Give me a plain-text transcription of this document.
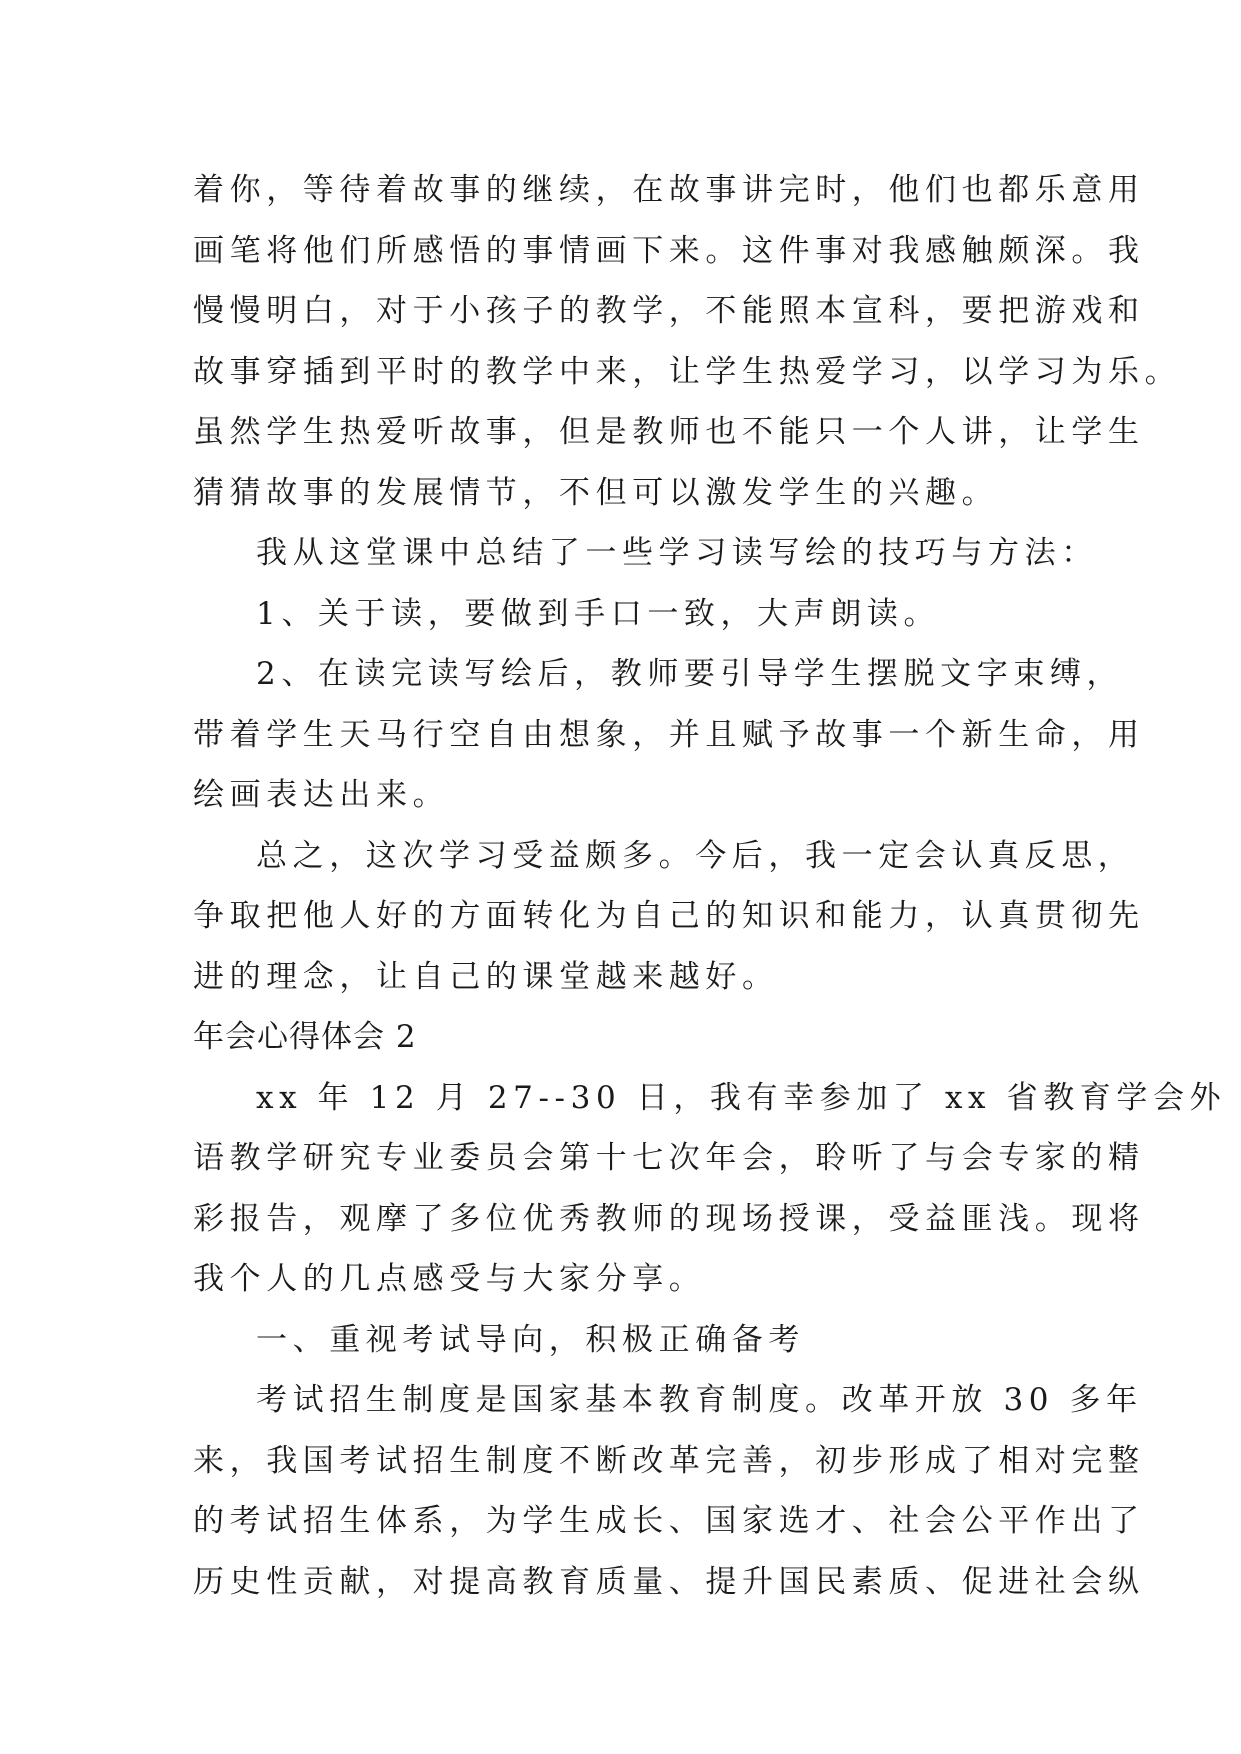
着你，等待着故事的继续，在故事讲完时，他们也都乐意用
画笔将他们所感悟的事情画下来。这件事对我感触颇深。我
慢慢明白，对于小孩子的教学，不能照本宣科，要把游戏和
故事穿插到平时的教学中来，让学生热爱学习，以学习为乐。
虽然学生热爱听故事，但是教师也不能只一个人讲，让学生
猜猜故事的发展情节，不但可以激发学生的兴趣。
我从这堂课中总结了一些学习读写绘的技巧与方法：
1、关于读，要做到手口一致，大声朗读。
2、在读完读写绘后，教师要引导学生摆脱文字束缚，
带着学生天马行空自由想象，并且赋予故事一个新生命，用
绘画表达出来。
总之，这次学习受益颇多。今后，我一定会认真反思，
争取把他人好的方面转化为自己的知识和能力，认真贯彻先
进的理念，让自己的课堂越来越好。
年会心得体会 2
xx 年 12 月 27--30 日，我有幸参加了 xx 省教育学会外
语教学研究专业委员会第十七次年会，聆听了与会专家的精
彩报告，观摩了多位优秀教师的现场授课，受益匪浅。现将
我个人的几点感受与大家分享。
一、重视考试导向，积极正确备考
考试招生制度是国家基本教育制度。改革开放 30 多年
来，我国考试招生制度不断改革完善，初步形成了相对完整
的考试招生体系，为学生成长、国家选才、社会公平作出了
历史性贡献，对提高教育质量、提升国民素质、促进社会纵
